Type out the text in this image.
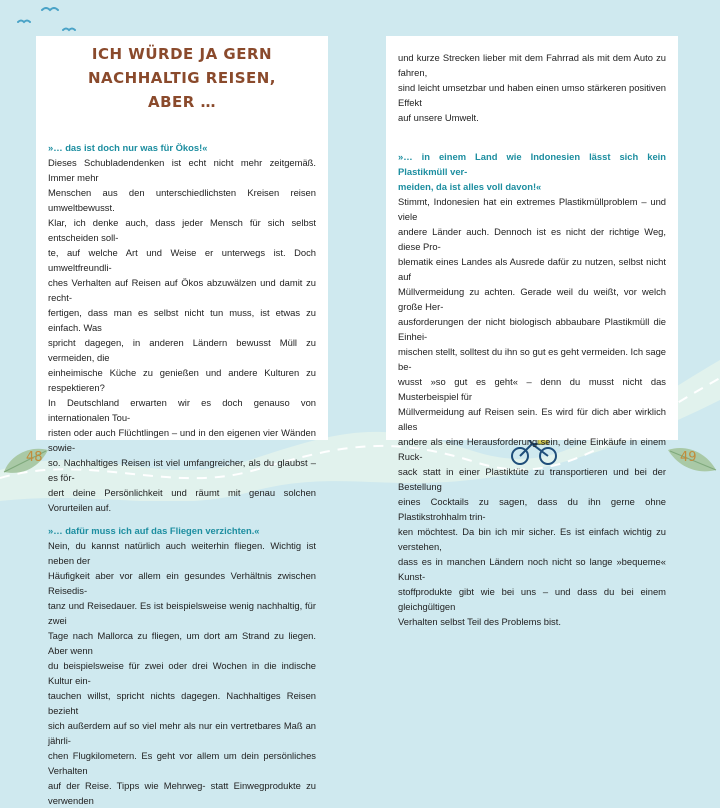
ICH WÜRDE JA GERN NACHHALTIG REISEN,
ABER …

»… das ist doch nur was für Ökos!«

Dieses Schubladendenken ist echt nicht mehr zeitgemäß. Immer mehr

Menschen aus den unterschiedlichsten Kreisen reisen umweltbewusst.

Klar, ich denke auch, dass jeder Mensch für sich selbst entscheiden soll-

te, auf welche Art und Weise er unterwegs ist. Doch umweltfreundli-

ches Verhalten auf Reisen auf Ökos abzuwälzen und damit zu recht-

fertigen, dass man es selbst nicht tun muss, ist etwas zu einfach. Was

spricht dagegen, in anderen Ländern bewusst Müll zu vermeiden, die

einheimische Küche zu genießen und andere Kulturen zu respektieren?

In Deutschland erwarten wir es doch genauso von internationalen Tou-

risten oder auch Flüchtlingen – und in den eigenen vier Wänden sowie-

so. Nachhaltiges Reisen ist viel umfangreicher, als du glaubst – es för-

dert deine Persönlichkeit und räumt mit genau solchen Vorurteilen auf.

»… dafür muss ich auf das Fliegen verzichten.«

Nein, du kannst natürlich auch weiterhin fliegen. Wichtig ist neben der

Häufigkeit aber vor allem ein gesundes Verhältnis zwischen Reisedis-

tanz und Reisedauer. Es ist beispielsweise wenig nachhaltig, für zwei

Tage nach Mallorca zu fliegen, um dort am Strand zu liegen. Aber wenn

du beispielsweise für zwei oder drei Wochen in die indische Kultur ein-

tauchen willst, spricht nichts dagegen. Nachhaltiges Reisen bezieht

sich außerdem auf so viel mehr als nur ein vertretbares Maß an jährli-

chen Flugkilometern. Es geht vor allem um dein persönliches Verhalten

auf der Reise. Tipps wie Mehrweg- statt Einwegprodukte zu verwenden

und kurze Strecken lieber mit dem Fahrrad als mit dem Auto zu fahren,

sind leicht umsetzbar und haben einen umso stärkeren positiven Effekt

auf unsere Umwelt.

»… in einem Land wie Indonesien lässt sich kein Plastikmüll ver-

meiden, da ist alles voll davon!«

Stimmt, Indonesien hat ein extremes Plastikmüllproblem – und viele

andere Länder auch. Dennoch ist es nicht der richtige Weg, diese Pro-

blematik eines Landes als Ausrede dafür zu nutzen, selbst nicht auf

Müllvermeidung zu achten. Gerade weil du weißt, vor welch große Her-

ausforderungen der nicht biologisch abbaubare Plastikmüll die Einhei-

mischen stellt, solltest du ihn so gut es geht vermeiden. Ich sage be-

wusst »so gut es geht« – denn du musst nicht das Musterbeispiel für

Müllvermeidung auf Reisen sein. Es wird für dich aber wirklich alles

andere als eine Herausforderung sein, deine Einkäufe in einem Ruck-

sack statt in einer Plastiktüte zu transportieren und bei der Bestellung

eines Cocktails zu sagen, dass du ihn gerne ohne Plastikstrohhalm trin-

ken möchtest. Da bin ich mir sicher. Es ist einfach wichtig zu verstehen,

dass es in manchen Ländern noch nicht so lange »bequeme« Kunst-

stoffprodukte gibt wie bei uns – und dass du bei einem gleichgültigen

Verhalten selbst Teil des Problems bist.

48	49
